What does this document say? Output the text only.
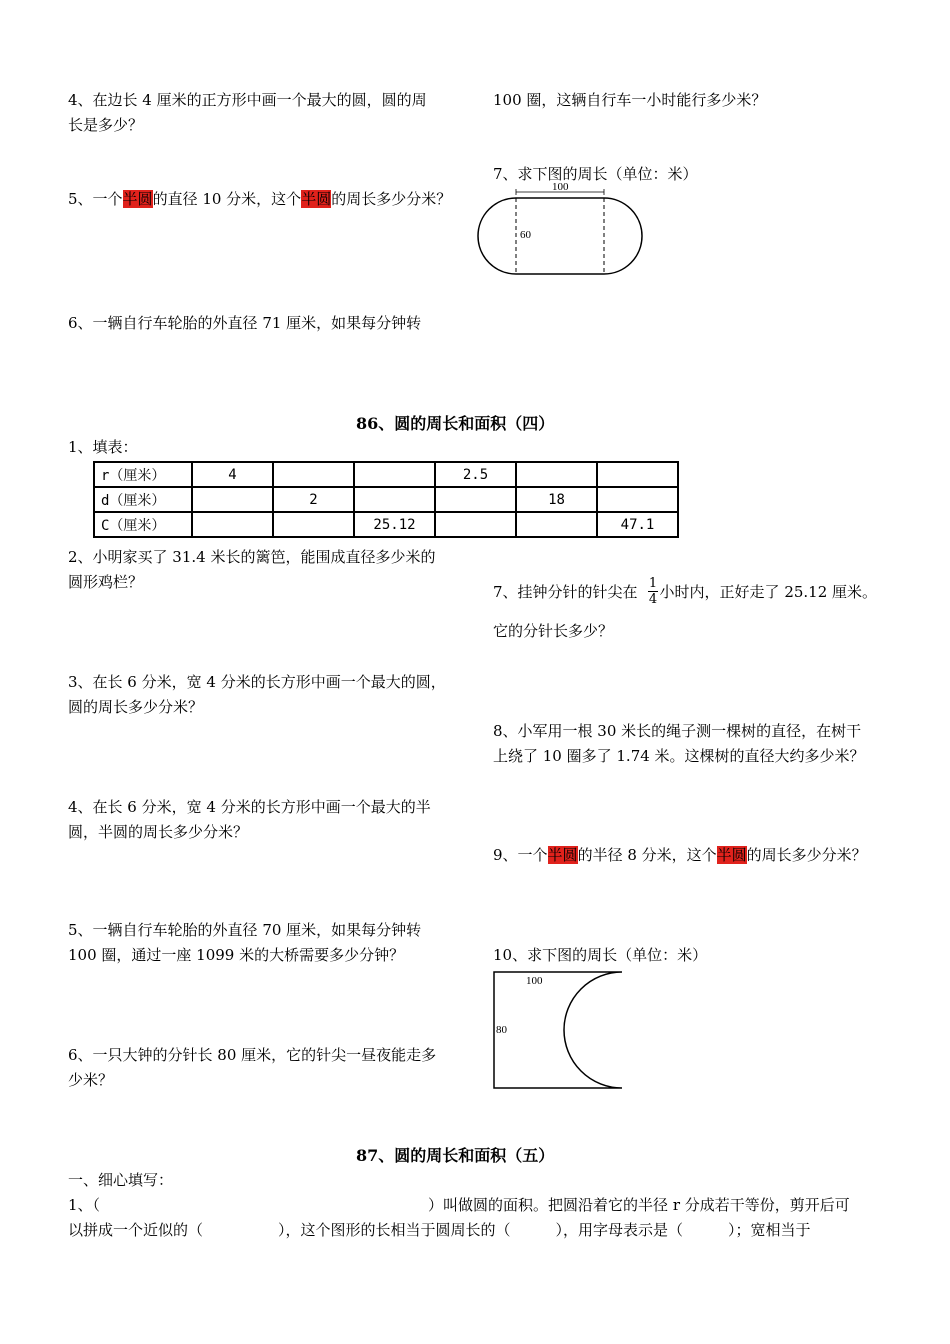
4、在边长 4 厘米的正方形中画一个最大的圆，圆的周
长是多少？
100 圈，这辆自行车一小时能行多少米？
7、求下图的周长（单位：米）
5、一个半圆的直径 10 分米，这个半圆的周长多少分米？
100
60
6、一辆自行车轮胎的外直径 71 厘米，如果每分钟转
86、圆的周长和面积（四）
1、填表：
r（厘米）	4			2.5		
d（厘米）		2			18	
C（厘米）			25.12			47.1
2、小明家买了 31.4 米长的篱笆，能围成直径多少米的
圆形鸡栏？
7、挂钟分针的针尖在 小时内，正好走了 25.12 厘米。
1
4
它的分针长多少？
3、在长 6 分米，宽 4 分米的长方形中画一个最大的圆，
圆的周长多少分米？
8、小军用一根 30 米长的绳子测一棵树的直径，在树干
上绕了 10 圈多了 1.74 米。这棵树的直径大约多少米？
4、在长 6 分米，宽 4 分米的长方形中画一个最大的半
圆，半圆的周长多少分米？
9、一个半圆的半径 8 分米，这个半圆的周长多少分米？
5、一辆自行车轮胎的外直径 70 厘米，如果每分钟转
100 圈，通过一座 1099 米的大桥需要多少分钟？	10、求下图的周长（单位：米）
100
80
6、一只大钟的分针长 80 厘米，它的针尖一昼夜能走多
少米？
87、圆的周长和面积（五）
一、细心填写：
1、（	）叫做圆的面积。把圆沿着它的半径 r 分成若干等份，剪开后可
以拼成一个近似的（　　　　　），这个图形的长相当于圆周长的（　　　），用字母表示是（　　　）；宽相当于
